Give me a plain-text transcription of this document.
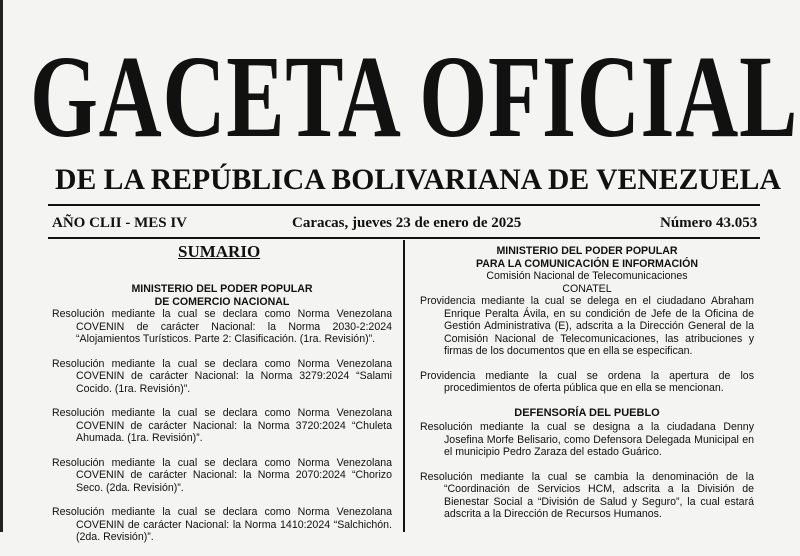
GACETA OFICIAL
DE LA REPÚBLICA BOLIVARIANA DE VENEZUELA
AÑO CLII - MES IV	Caracas, jueves 23 de enero de 2025	Número 43.053
SUMARIO
MINISTERIO DEL PODER POPULAR
DE COMERCIO NACIONAL
Resolución mediante la cual se declara como Norma Venezolana COVENIN de carácter Nacional: la Norma 2030-2:2024 “Alojamientos Turísticos. Parte 2: Clasificación. (1ra. Revisión)”.
Resolución mediante la cual se declara como Norma Venezolana COVENIN de carácter Nacional: la Norma 3279:2024 “Salami Cocido. (1ra. Revisión)”.
Resolución mediante la cual se declara como Norma Venezolana COVENIN de carácter Nacional: la Norma 3720:2024 “Chuleta Ahumada. (1ra. Revisión)”.
Resolución mediante la cual se declara como Norma Venezolana COVENIN de carácter Nacional: la Norma 2070:2024 “Chorizo Seco. (2da. Revisión)”.
Resolución mediante la cual se declara como Norma Venezolana COVENIN de carácter Nacional: la Norma 1410:2024 “Salchichón. (2da. Revisión)”.
MINISTERIO DEL PODER POPULAR
PARA LA COMUNICACIÓN E INFORMACIÓN
Comisión Nacional de Telecomunicaciones
CONATEL
Providencia mediante la cual se delega en el ciudadano Abraham Enrique Peralta Ávila, en su condición de Jefe de la Oficina de Gestión Administrativa (E), adscrita a la Dirección General de la Comisión Nacional de Telecomunicaciones, las atribuciones y firmas de los documentos que en ella se especifican.
Providencia mediante la cual se ordena la apertura de los procedimientos de oferta pública que en ella se mencionan.
DEFENSORÍA DEL PUEBLO
Resolución mediante la cual se designa a la ciudadana Denny Josefina Morfe Belisario, como Defensora Delegada Municipal en el municipio Pedro Zaraza del estado Guárico.
Resolución mediante la cual se cambia la denominación de la “Coordinación de Servicios HCM, adscrita a la División de Bienestar Social a “División de Salud y Seguro”, la cual estará adscrita a la Dirección de Recursos Humanos.
